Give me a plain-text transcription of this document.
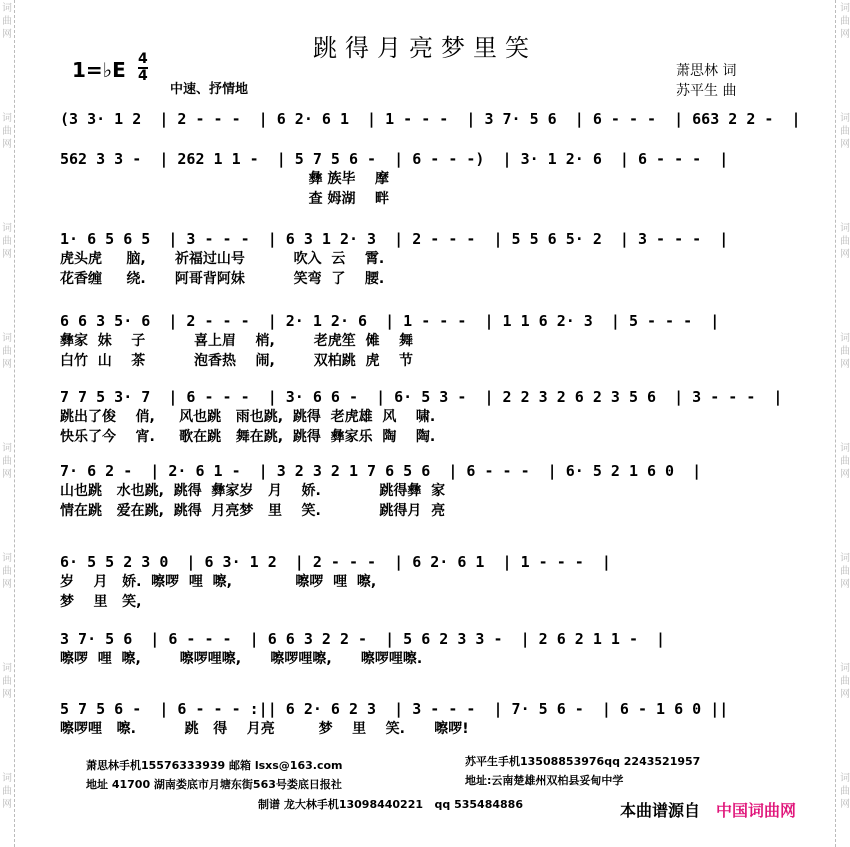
词曲网
词曲网
词曲网
词曲网
词曲网
词曲网
词曲网
词曲网
词曲网
词曲网
词曲网
词曲网
词曲网
词曲网
词曲网
词曲网
跳得月亮梦里笑
1=♭E 4
4
中速、抒情地
萧思林 词
苏平生 曲
(3 3· 1 2  | 2 - - -  | 6 2· 6 1  | 1 - - -  | 3 7· 5 6  | 6 - - -  | 663 2 2 -  |
562 3 3 -  | 262 1 1 -  | 5 7 5 6 -  | 6 - - -)  | 3· 1 2· 6  | 6 - - -  |
彝 族毕    摩
查 姆湖    畔
1· 6 5 6 5  | 3 - - -  | 6 3 1 2· 3  | 2 - - -  | 5 5 6 5· 2  | 3 - - -  |
虎头虎     脑,      祈福过山号          吹入  云    霄.
花香缠     绕.      阿哥背阿妹          笑弯  了    腰.
6 6 3 5· 6  | 2 - - -  | 2· 1 2· 6  | 1 - - -  | 1 1 6 2· 3  | 5 - - -  |
彝家  妹    子          喜上眉    梢,        老虎笙  傩    舞
白竹  山    茶          泡香热    闹,        双柏跳  虎    节
7 7 5 3· 7  | 6 - - -  | 3· 6 6 -  | 6· 5 3 -  | 2 2 3 2 6 2 3 5 6  | 3 - - -  |
跳出了俊    俏,     风也跳   雨也跳,  跳得  老虎雄  风    啸.
快乐了今    宵.     歌在跳   舞在跳,  跳得  彝家乐  陶    陶.
7· 6 2 -  | 2· 6 1 -  | 3 2 3 2 1 7 6 5 6  | 6 - - -  | 6· 5 2 1 6 0  |
山也跳   水也跳,  跳得  彝家岁   月    娇.            跳得彝  家
情在跳   爱在跳,  跳得  月亮梦   里    笑.            跳得月  亮
6· 5 5 2 3 0  | 6 3· 1 2  | 2 - - -  | 6 2· 6 1  | 1 - - -  |
岁    月   娇.  嚓啰  哩  嚓,             嚓啰  哩  嚓,
梦    里   笑,
3 7· 5 6  | 6 - - -  | 6 6 3 2 2 -  | 5 6 2 3 3 -  | 2 6 2 1 1 -  |
嚓啰  哩  嚓,        嚓啰哩嚓,      嚓啰哩嚓,      嚓啰哩嚓.
5 7 5 6 -  | 6 - - - :|| 6 2· 6 2 3  | 3 - - -  | 7· 5 6 -  | 6 - 1 6 0 ||
嚓啰哩   嚓.          跳   得    月亮         梦    里    笑.      嚓啰!
萧思林手机15576333939 邮箱 lsxs@163.com
地址 41700 湖南娄底市月塘东街563号娄底日报社
苏平生手机13508853976qq 2243521957
地址:云南楚雄州双柏县妥甸中学
制谱 龙大林手机13098440221   qq 535484886	本曲谱源自 中国词曲网
